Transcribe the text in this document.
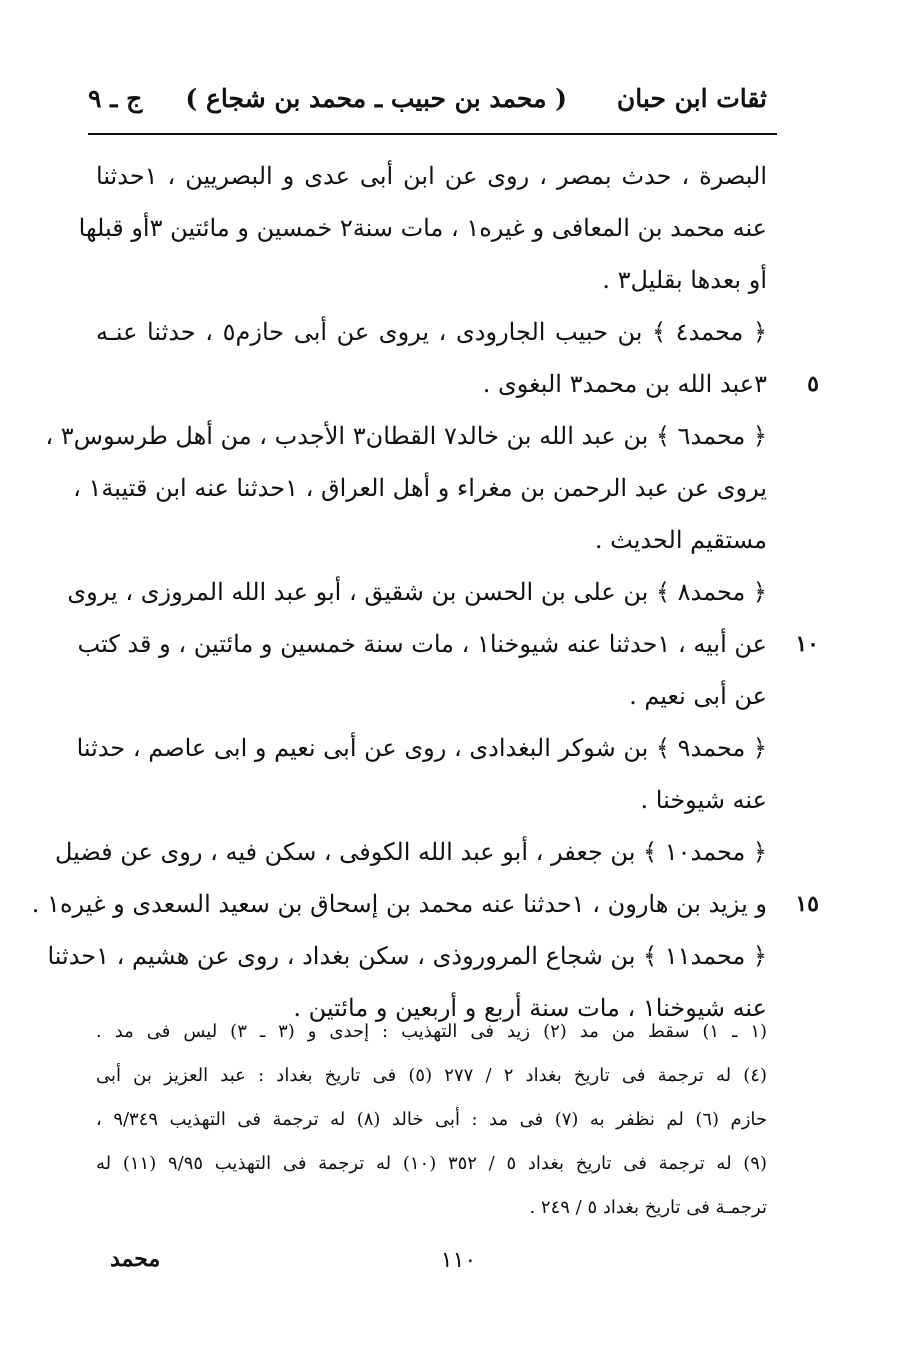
ثقات ابن حبان
( محمد بن حبيب ـ محمد بن شجاع )
ج ـ ٩
البصرة ، حدث بمصر ، روى عن ابن أبى عدى و البصريين ، ١حدثنا
عنه محمد بن المعافى و غيره١ ، مات سنة٢ خمسين و مائتين ٣أو قبلها
أو بعدها بقليل٣ .
﴿ محمد٤ ﴾ بن حبيب الجارودى ، يروى عن أبى حازم٥ ، حدثنا عنـه
٣عبد الله بن محمد٣ البغوى . ٥
﴿ محمد٦ ﴾ بن عبد الله بن خالد٧ القطان٣ الأجدب ، من أهل طرسوس٣ ،
يروى عن عبد الرحمن بن مغراء و أهل العراق ، ١حدثنا عنه ابن قتيبة١ ،
مستقيم الحديث .
﴿ محمد٨ ﴾ بن على بن الحسن بن شقيق ، أبو عبد الله المروزى ، يروى
عن أبيه ، ١حدثنا عنه شيوخنا١ ، مات سنة خمسين و مائتين ، و قد كتب ١٠
عن أبى نعيم .
﴿ محمد٩ ﴾ بن شوكر البغدادى ، روى عن أبى نعيم و ابى عاصم ، حدثنا
عنه شيوخنا .
﴿ محمد١٠ ﴾ بن جعفر ، أبو عبد الله الكوفى ، سكن فيه ، روى عن فضيل
و يزيد بن هارون ، ١حدثنا عنه محمد بن إسحاق بن سعيد السعدى و غيره١ . ١٥
﴿ محمد١١ ﴾ بن شجاع المروروذى ، سكن بغداد ، روى عن هشيم ، ١حدثنا
عنه شيوخنا١ ، مات سنة أربع و أربعين و مائتين .
(١ ـ ١) سقط من مد (٢) زيد فى التهذيب : إحدى و (٣ ـ ٣) ليس فى مد .
(٤) له ترجمة فى تاريخ بغداد ٢ / ٢٧٧ (٥) فى تاريخ بغداد : عبد العزيز بن أبى
حازم (٦) لم نظفر به (٧) فى مد : أبى خالد (٨) له ترجمة فى التهذيب ٩/٣٤٩ ،
(٩) له ترجمة فى تاريخ بغداد ٥ / ٣٥٢ (١٠) له ترجمة فى التهذيب ٩/٩٥ (١١) له
ترجمـة فى تاريخ بغداد ٥ / ٢٤٩ .
١١٠
محمد
